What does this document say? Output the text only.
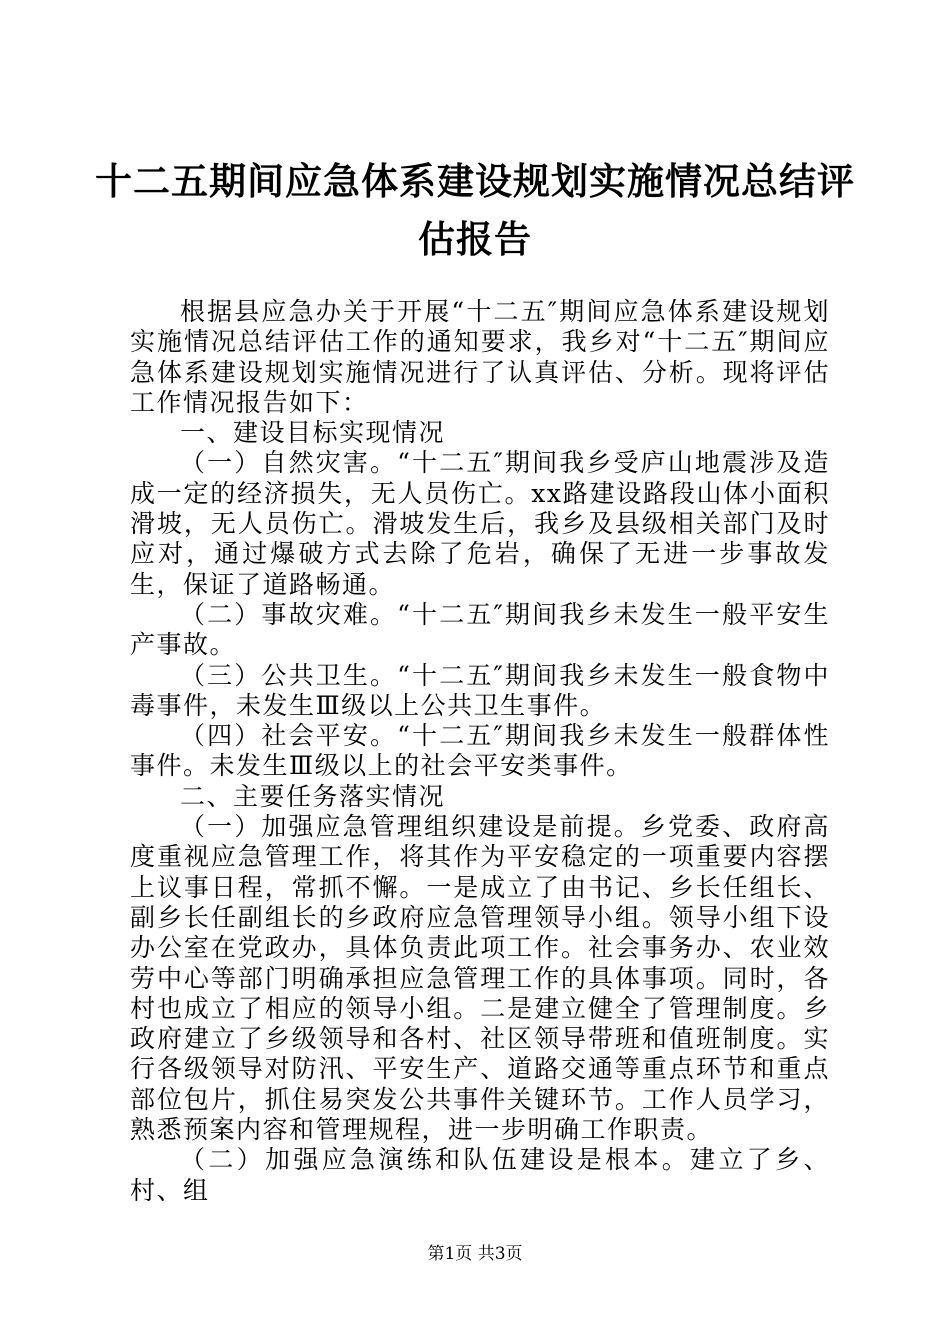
十二五期间应急体系建设规划实施情况总结评
估报告

根据县应急办关于开展“十二五″期间应急体系建设规划实施情况总结评估工作的通知要求，我乡对“十二五″期间应急体系建设规划实施情况进行了认真评估、分析。现将评估工作情况报告如下：

一、建设目标实现情况

（一）自然灾害。“十二五″期间我乡受庐山地震涉及造成一定的经济损失，无人员伤亡。xx路建设路段山体小面积滑坡，无人员伤亡。滑坡发生后，我乡及县级相关部门及时应对，通过爆破方式去除了危岩，确保了无进一步事故发生，保证了道路畅通。

（二）事故灾难。“十二五″期间我乡未发生一般平安生产事故。

（三）公共卫生。“十二五″期间我乡未发生一般食物中毒事件，未发生Ⅲ级以上公共卫生事件。

（四）社会平安。“十二五″期间我乡未发生一般群体性事件。未发生Ⅲ级以上的社会平安类事件。

二、主要任务落实情况

（一）加强应急管理组织建设是前提。乡党委、政府高度重视应急管理工作，将其作为平安稳定的一项重要内容摆上议事日程，常抓不懈。一是成立了由书记、乡长任组长、副乡长任副组长的乡政府应急管理领导小组。领导小组下设办公室在党政办，具体负责此项工作。社会事务办、农业效劳中心等部门明确承担应急管理工作的具体事项。同时，各村也成立了相应的领导小组。二是建立健全了管理制度。乡政府建立了乡级领导和各村、社区领导带班和值班制度。实行各级领导对防汛、平安生产、道路交通等重点环节和重点部位包片，抓住易突发公共事件关键环节。工作人员学习，熟悉预案内容和管理规程，进一步明确工作职责。

（二）加强应急演练和队伍建设是根本。建立了乡、村、组

第1页 共3页
